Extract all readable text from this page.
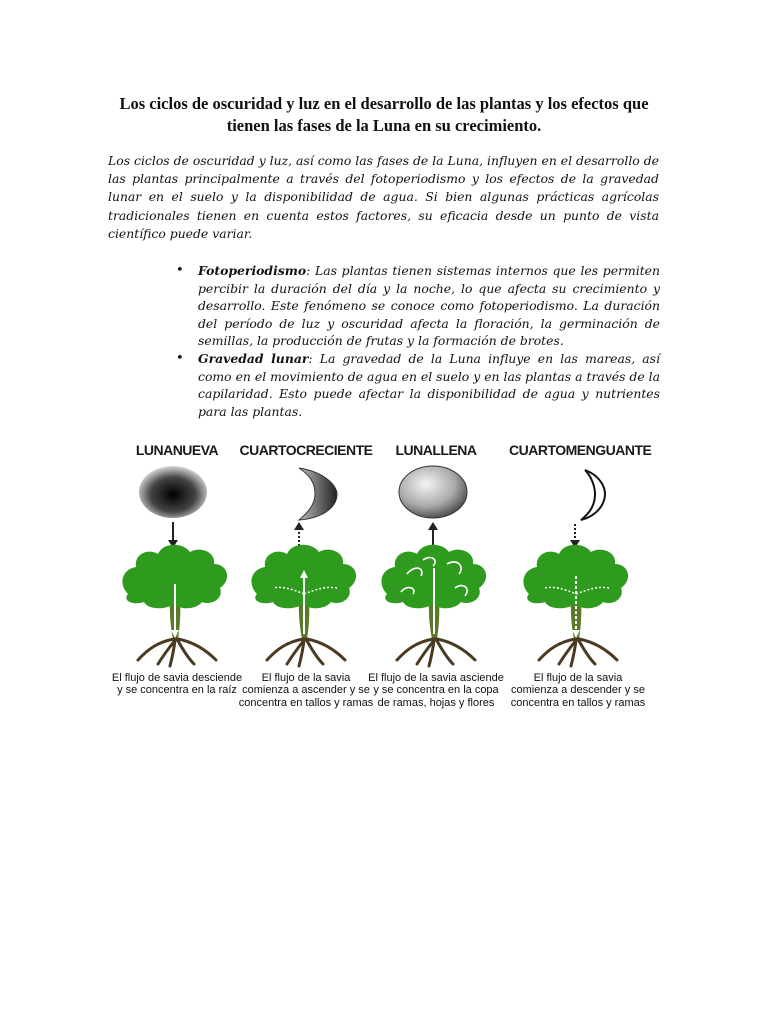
Los ciclos de oscuridad y luz en el desarrollo de las plantas y los efectos que tienen las fases de la Luna en su crecimiento.

Los ciclos de oscuridad y luz, así como las fases de la Luna, influyen en el desarrollo de las plantas principalmente a través del fotoperiodismo y los efectos de la gravedad lunar en el suelo y la disponibilidad de agua. Si bien algunas prácticas agrícolas tradicionales tienen en cuenta estos factores, su eficacia desde un punto de vista científico puede variar.

• Fotoperiodismo: Las plantas tienen sistemas internos que les permiten percibir la duración del día y la noche, lo que afecta su crecimiento y desarrollo. Este fenómeno se conoce como fotoperiodismo. La duración del período de luz y oscuridad afecta la floración, la germinación de semillas, la producción de frutas y la formación de brotes.
• Gravedad lunar: La gravedad de la Luna influye en las mareas, así como en el movimiento de agua en el suelo y en las plantas a través de la capilaridad. Esto puede afectar la disponibilidad de agua y nutrientes para las plantas.
LUNANUEVA
El flujo de savia desciende y se concentra en la raíz
CUARTOCRECIENTE
El flujo de la savia comienza a ascender y se concentra en tallos y ramas
LUNALLENA
El flujo de la savia asciende y se concentra en la copa de ramas, hojas y flores
CUARTOMENGUANTE
El flujo de la savia comienza a descender y se concentra en tallos y ramas
